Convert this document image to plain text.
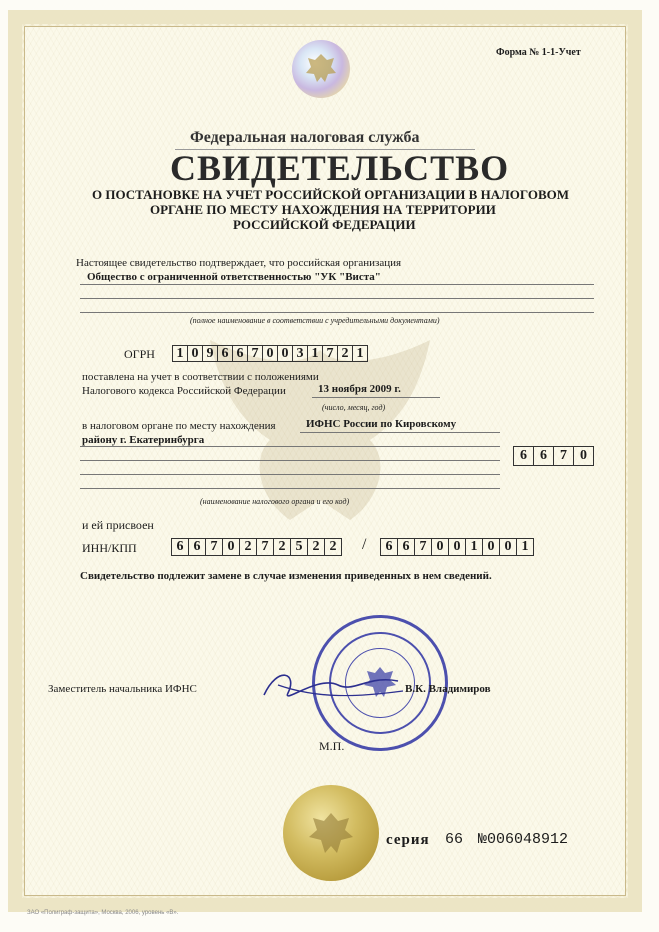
Форма № 1-1-Учет
Федеральная налоговая служба
СВИДЕТЕЛЬСТВО
О ПОСТАНОВКЕ НА УЧЕТ РОССИЙСКОЙ ОРГАНИЗАЦИИ В НАЛОГОВОМ
ОРГАНЕ ПО МЕСТУ НАХОЖДЕНИЯ НА ТЕРРИТОРИИ
РОССИЙСКОЙ ФЕДЕРАЦИИ
Настоящее свидетельство подтверждает, что российская организация
Общество с ограниченной ответственностью "УК "Виста"
(полное наименование в соответствии с учредительными документами)
ОГРН	1 0 9 6 6 7 0 0 3 1 7 2 1
поставлена на учет в соответствии с положениями
Налогового кодекса Российской Федерации	13 ноября 2009 г.
(число, месяц, год)
в налоговом органе по месту нахождения	ИФНС России по Кировскому
району г. Екатеринбурга
6 6 7 0
(наименование налогового органа и его код)
и ей присвоен
ИНН/КПП	6 6 7 0 2 7 2 5 2 2	/	6 6 7 0 0 1 0 0 1
Свидетельство подлежит замене в случае изменения приведенных в нем сведений.
Заместитель начальника ИФНС	В.К. Владимиров
М.П.
серия 66 №006048912
ЗАО «Полиграф-защита», Москва, 2006, уровень «В».
